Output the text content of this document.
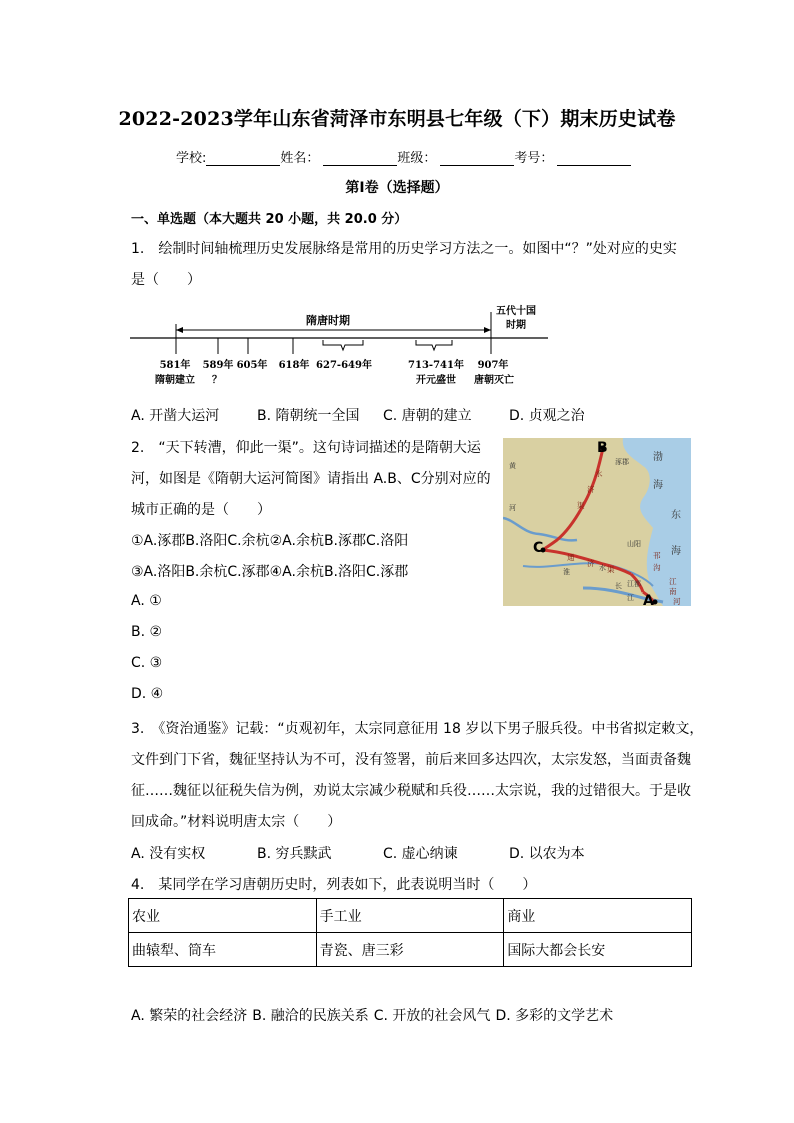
2022-2023学年山东省菏泽市东明县七年级（下）期末历史试卷
学校:	姓名：	班级：	考号：
第I卷（选择题）
一、单选题（本大题共 20 小题，共 20.0 分）
1.　绘制时间轴梳理历史发展脉络是常用的历史学习方法之一。如图中“？”处对应的史实
是（　　）
隋唐时期
五代十国
时期
581年 589年 605年 618年 627-649年	713-741年 907年
隋朝建立 ？	开元盛世 唐朝灭亡
A. 开凿大运河	B. 隋朝统一全国 C. 唐朝的建立	D. 贞观之治
2.　“天下转漕，仰此一渠”。这句诗词描述的是隋朝大运
河，如图是《隋朝大运河简图》请指出 A.B、C分别对应的
城市正确的是（　　）
①A.涿郡B.洛阳C.余杭②A.余杭B.涿郡C.洛阳
③A.洛阳B.余杭C.涿郡④A.余杭B.洛阳C.涿郡
A. ①
B. ②
C. ③
D. ④
B
C
A
永
济
渠
通
济
渠
邗
沟
江
南
河
涿郡
山阳
江都
黄
河
淮	水
长
江
渤
海
东
海
3.　《资治通鉴》记载：“贞观初年，太宗同意征用 18 岁以下男子服兵役。中书省拟定敕文，
文件到门下省，魏征坚持认为不可，没有签署，前后来回多达四次，太宗发怒，当面责备魏
征……魏征以征税失信为例，劝说太宗减少税赋和兵役……太宗说，我的过错很大。于是收
回成命。”材料说明唐太宗（　　）
A. 没有实权	B. 穷兵黩武	C. 虚心纳谏	D. 以农为本
4.　某同学在学习唐朝历史时，列表如下，此表说明当时（　　）
农业	手工业	商业
曲辕犁、筒车	青瓷、唐三彩	国际大都会长安
A. 繁荣的社会经济 B. 融洽的民族关系 C. 开放的社会风气 D. 多彩的文学艺术
